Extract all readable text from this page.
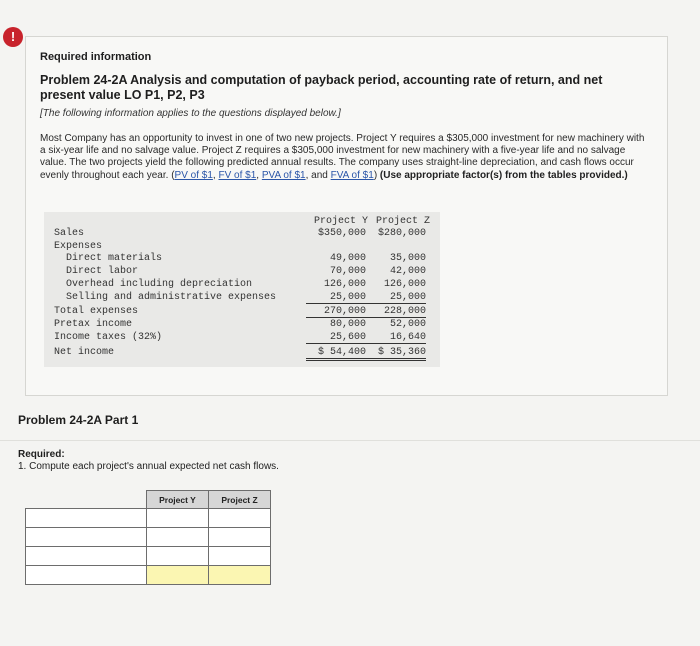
!
Required information
Problem 24-2A Analysis and computation of payback period, accounting rate of return, and net present value LO P1, P2, P3
[The following information applies to the questions displayed below.]
Most Company has an opportunity to invest in one of two new projects. Project Y requires a $305,000 investment for new machinery with a six-year life and no salvage value. Project Z requires a $305,000 investment for new machinery with a five-year life and no salvage value. The two projects yield the following predicted annual results. The company uses straight-line depreciation, and cash flows occur evenly throughout each year. (PV of $1, FV of $1, PVA of $1, and FVA of $1) (Use appropriate factor(s) from the tables provided.)
Project Y Project Z
Sales	$350,000	$280,000
Expenses
Direct materials	49,000	35,000
Direct labor	70,000	42,000
Overhead including depreciation	126,000	126,000
Selling and administrative expenses	25,000	25,000
Total expenses	270,000	228,000
Pretax income	80,000	52,000
Income taxes (32%)	25,600	16,640
Net income	$ 54,400	$ 35,360
Problem 24-2A Part 1
Required:
1. Compute each project's annual expected net cash flows.
	Project Y	Project Z
